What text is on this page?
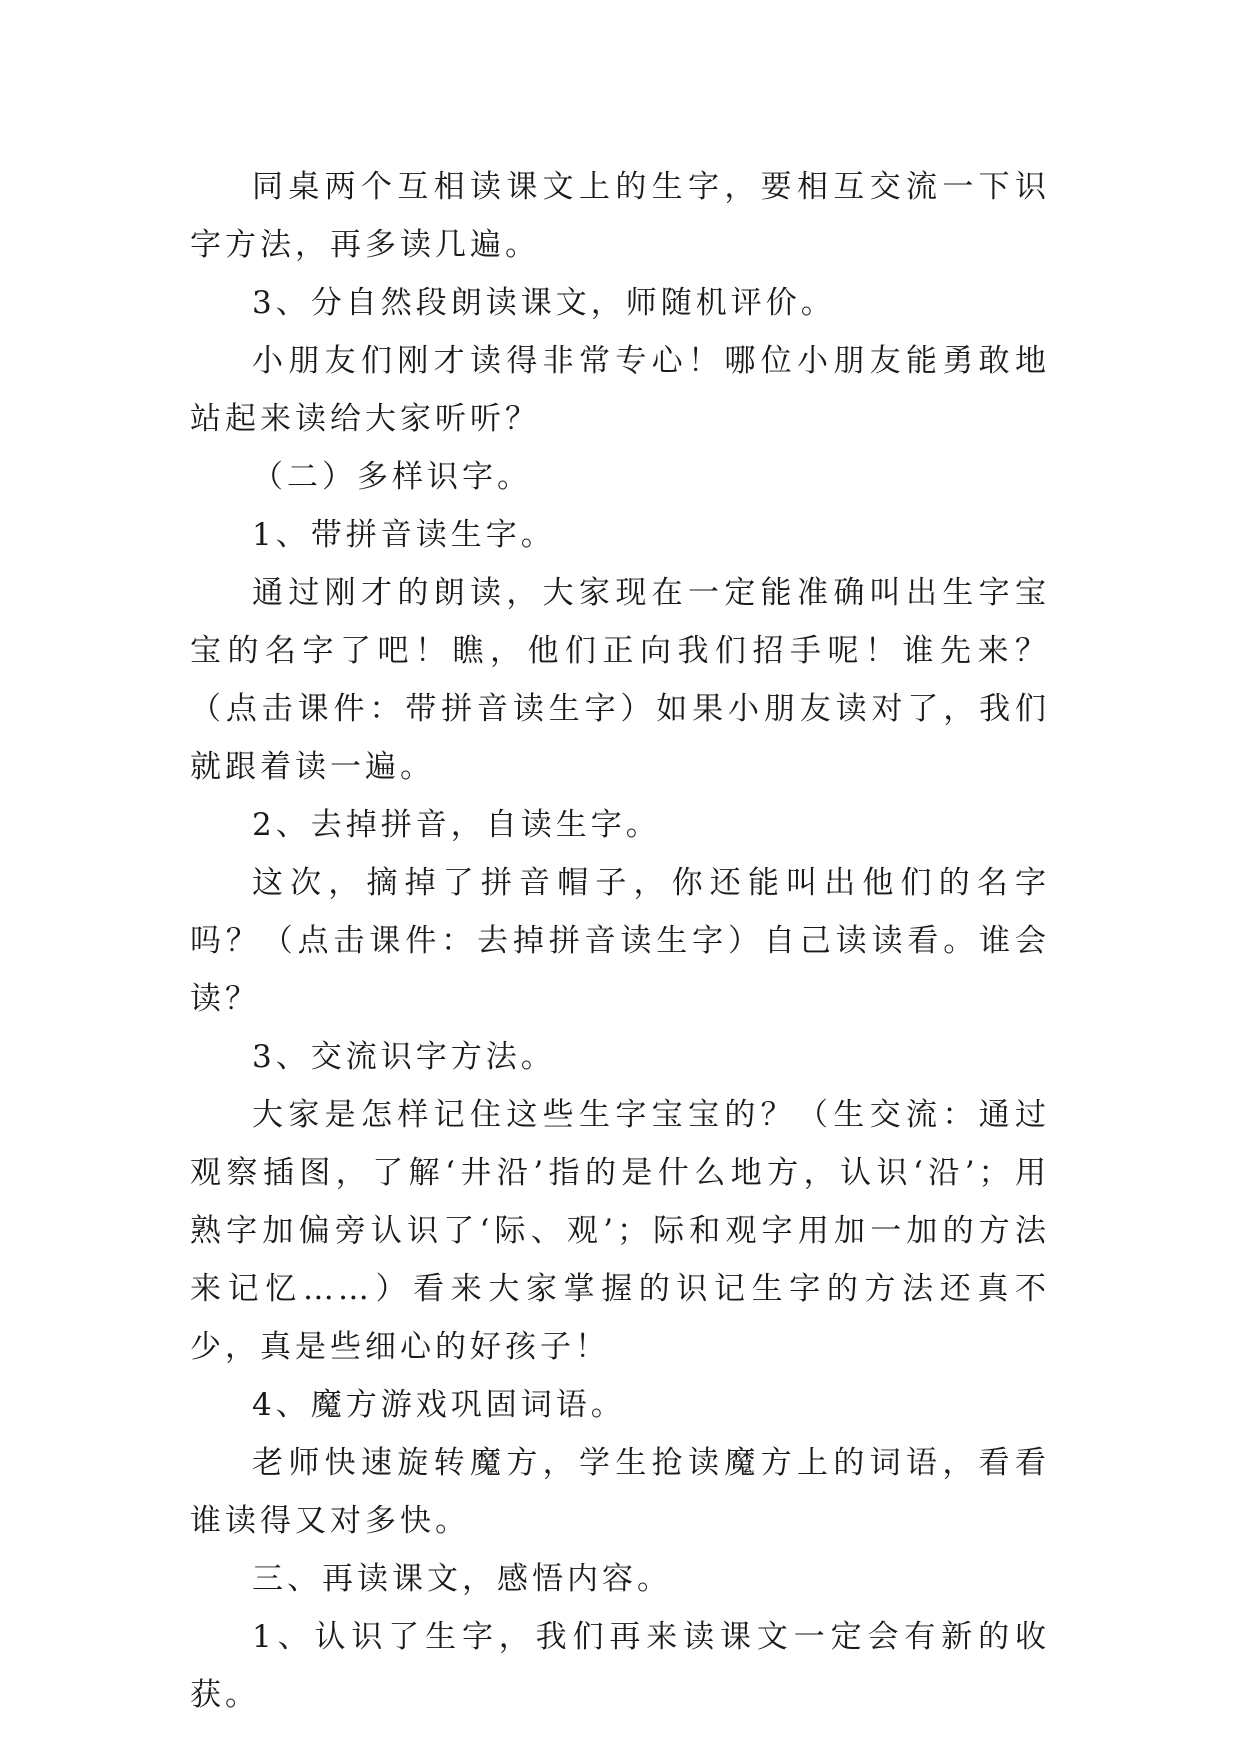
同桌两个互相读课文上的生字，要相互交流一下识字方法，再多读几遍。

3、分自然段朗读课文，师随机评价。

小朋友们刚才读得非常专心！哪位小朋友能勇敢地站起来读给大家听听？

（二）多样识字。

1、带拼音读生字。

通过刚才的朗读，大家现在一定能准确叫出生字宝宝的名字了吧！瞧，他们正向我们招手呢！谁先来？（点击课件：带拼音读生字）如果小朋友读对了，我们就跟着读一遍。

2、去掉拼音，自读生字。

这次，摘掉了拼音帽子，你还能叫出他们的名字吗？（点击课件：去掉拼音读生字）自己读读看。谁会读？

3、交流识字方法。

大家是怎样记住这些生字宝宝的？（生交流：通过观察插图，了解‘井沿’指的是什么地方，认识‘沿’；用熟字加偏旁认识了‘际、观’；际和观字用加一加的方法来记忆……）看来大家掌握的识记生字的方法还真不少，真是些细心的好孩子！

4、魔方游戏巩固词语。

老师快速旋转魔方，学生抢读魔方上的词语，看看谁读得又对多快。

三、再读课文，感悟内容。

1、认识了生字，我们再来读课文一定会有新的收获。
